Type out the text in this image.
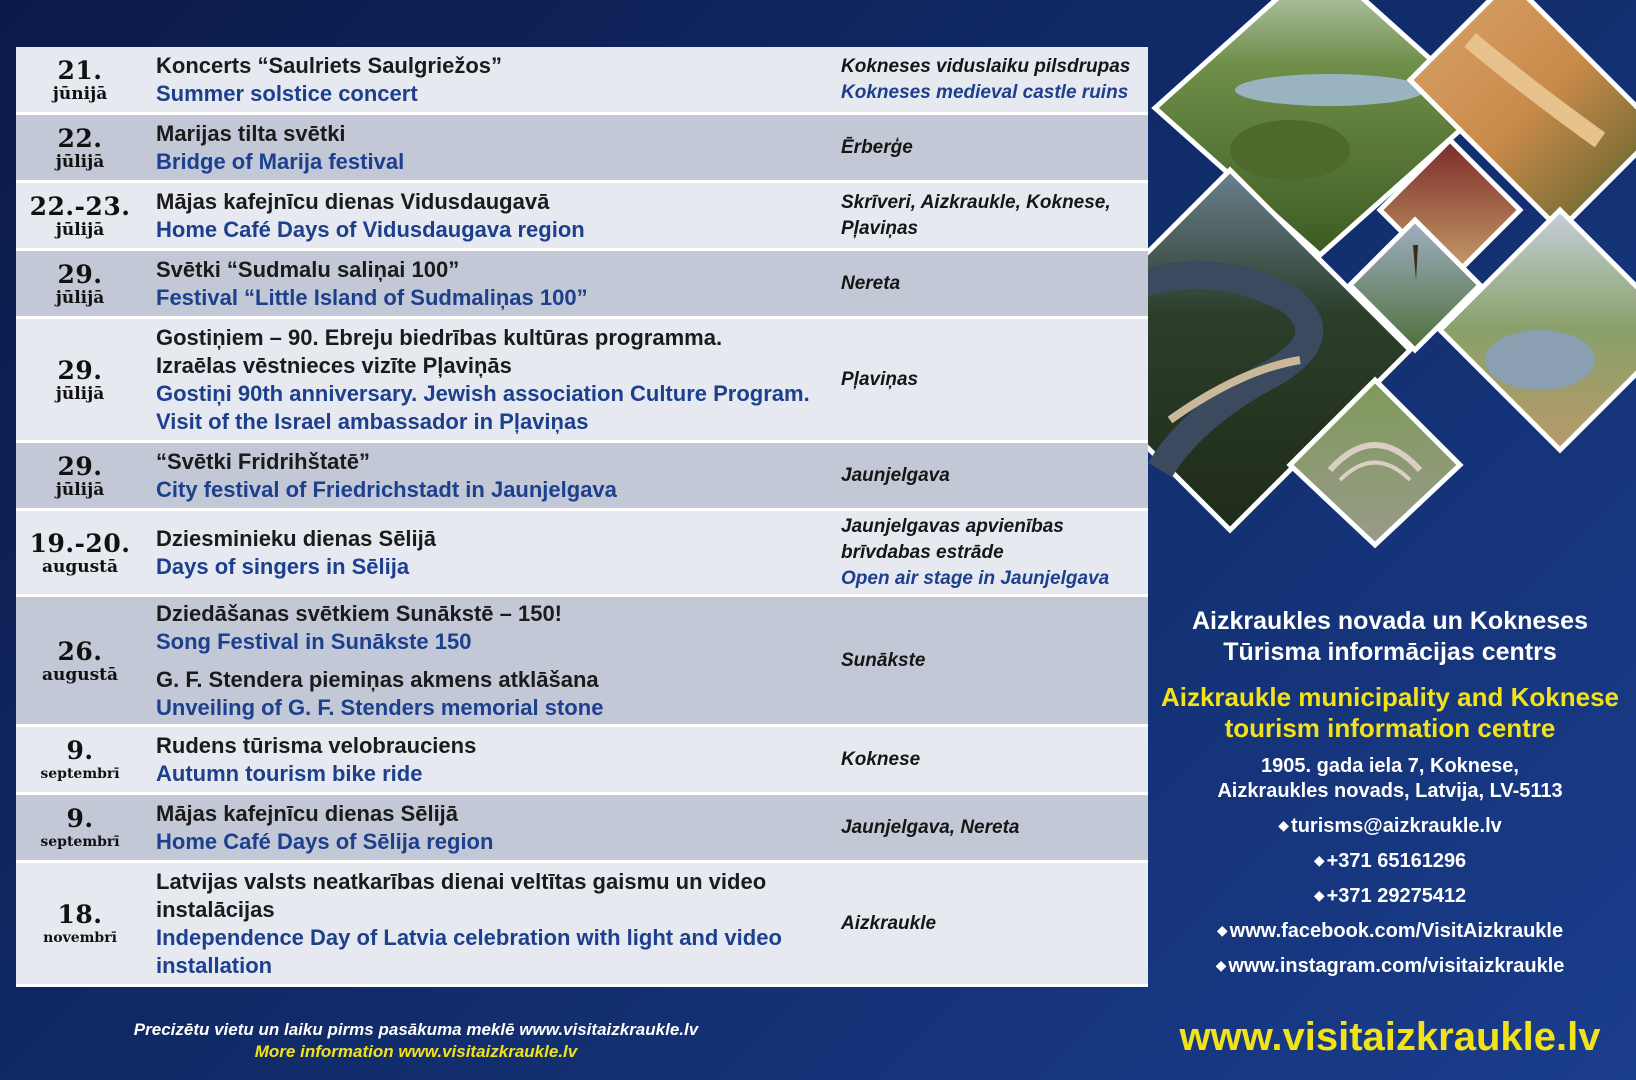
21.
jūnijā
Koncerts “Saulriets Saulgriežos”
Summer solstice concert
Kokneses viduslaiku pilsdrupas
Kokneses medieval castle ruins
22.
jūlijā
Marijas tilta svētki
Bridge of Marija festival
Ērberģe
22.-23.
jūlijā
Mājas kafejnīcu dienas Vidusdaugavā
Home Café Days of Vidusdaugava region
Skrīveri, Aizkraukle, Koknese,
Pļaviņas
29.
jūlijā
Svētki “Sudmalu saliņai 100”
Festival “Little Island of Sudmaliņas 100”
Nereta
29.
jūlijā
Gostiņiem – 90. Ebreju biedrības kultūras programma.
Izraēlas vēstnieces vizīte Pļaviņās
Gostiņi 90th anniversary. Jewish association Culture Program.
Visit of the Israel ambassador in Pļaviņas
Pļaviņas
29.
jūlijā
“Svētki Fridrihštatē”
City festival of Friedrichstadt in Jaunjelgava
Jaunjelgava
19.-20.
augustā
Dziesminieku dienas Sēlijā
Days of singers in Sēlija
Jaunjelgavas apvienības
brīvdabas estrāde
Open air stage in Jaunjelgava
26.
augustā
Dziedāšanas svētkiem Sunākstē – 150!
Song Festival in Sunākste 150
G. F. Stendera piemiņas akmens atklāšana
Unveiling of G. F. Stenders memorial stone
Sunākste
9.
septembrī
Rudens tūrisma velobrauciens
Autumn tourism bike ride
Koknese
9.
septembrī
Mājas kafejnīcu dienas Sēlijā
Home Café Days of Sēlija region
Jaunjelgava, Nereta
18.
novembrī
Latvijas valsts neatkarības dienai veltītas gaismu un video
instalācijas
Independence Day of Latvia celebration with light and video
installation
Aizkraukle
Precizētu vietu un laiku pirms pasākuma meklē www.visitaizkraukle.lv
More information www.visitaizkraukle.lv
Aizkraukles novada un Kokneses
Tūrisma informācijas centrs
Aizkraukle municipality and Koknese
tourism information centre
1905. gada iela 7, Koknese,
Aizkraukles novads, Latvija, LV-5113
◆ turisms@aizkraukle.lv
◆ +371 65161296
◆ +371 29275412
◆ www.facebook.com/VisitAizkraukle
◆ www.instagram.com/visitaizkraukle
www.visitaizkraukle.lv
